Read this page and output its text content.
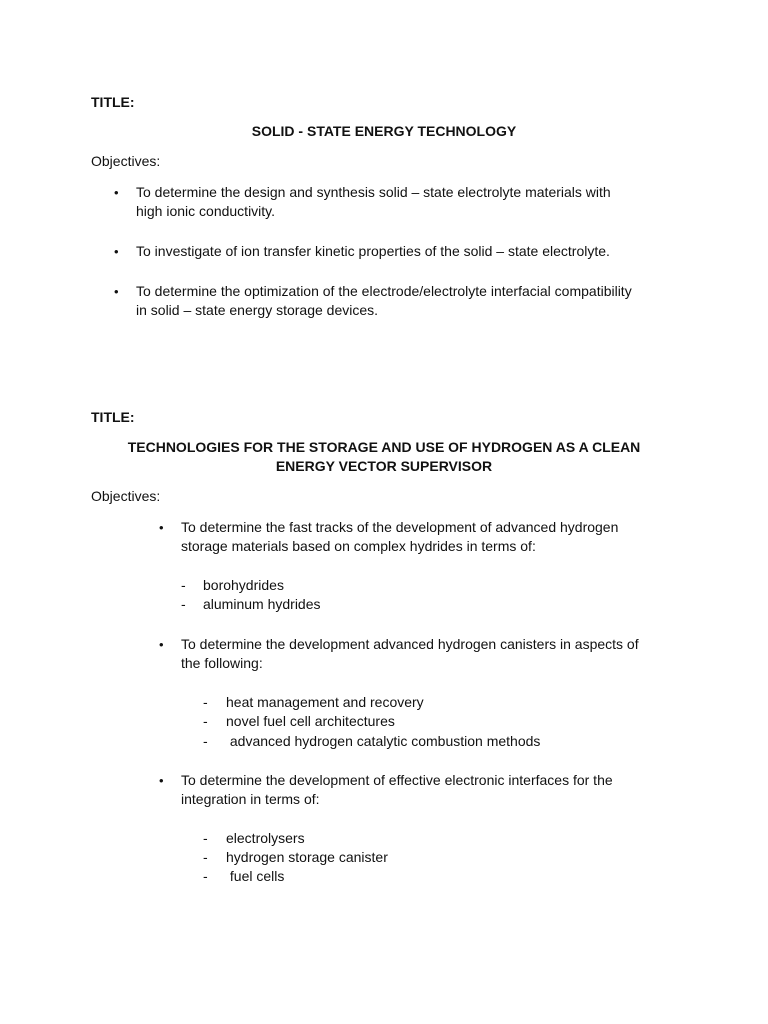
TITLE:
SOLID - STATE ENERGY TECHNOLOGY
Objectives:
• To determine the design and synthesis solid – state electrolyte materials with
high ionic conductivity.
• To investigate of ion transfer kinetic properties of the solid – state electrolyte.
• To determine the optimization of the electrode/electrolyte interfacial compatibility
in solid – state energy storage devices.
TITLE:
TECHNOLOGIES FOR THE STORAGE AND USE OF HYDROGEN AS A CLEAN
ENERGY VECTOR SUPERVISOR
Objectives:
• To determine the fast tracks of the development of advanced hydrogen
storage materials based on complex hydrides in terms of:
- borohydrides
- aluminum hydrides
• To determine the development advanced hydrogen canisters in aspects of
the following:
- heat management and recovery
- novel fuel cell architectures
- advanced hydrogen catalytic combustion methods
• To determine the development of effective electronic interfaces for the
integration in terms of:
- electrolysers
- hydrogen storage canister
- fuel cells
